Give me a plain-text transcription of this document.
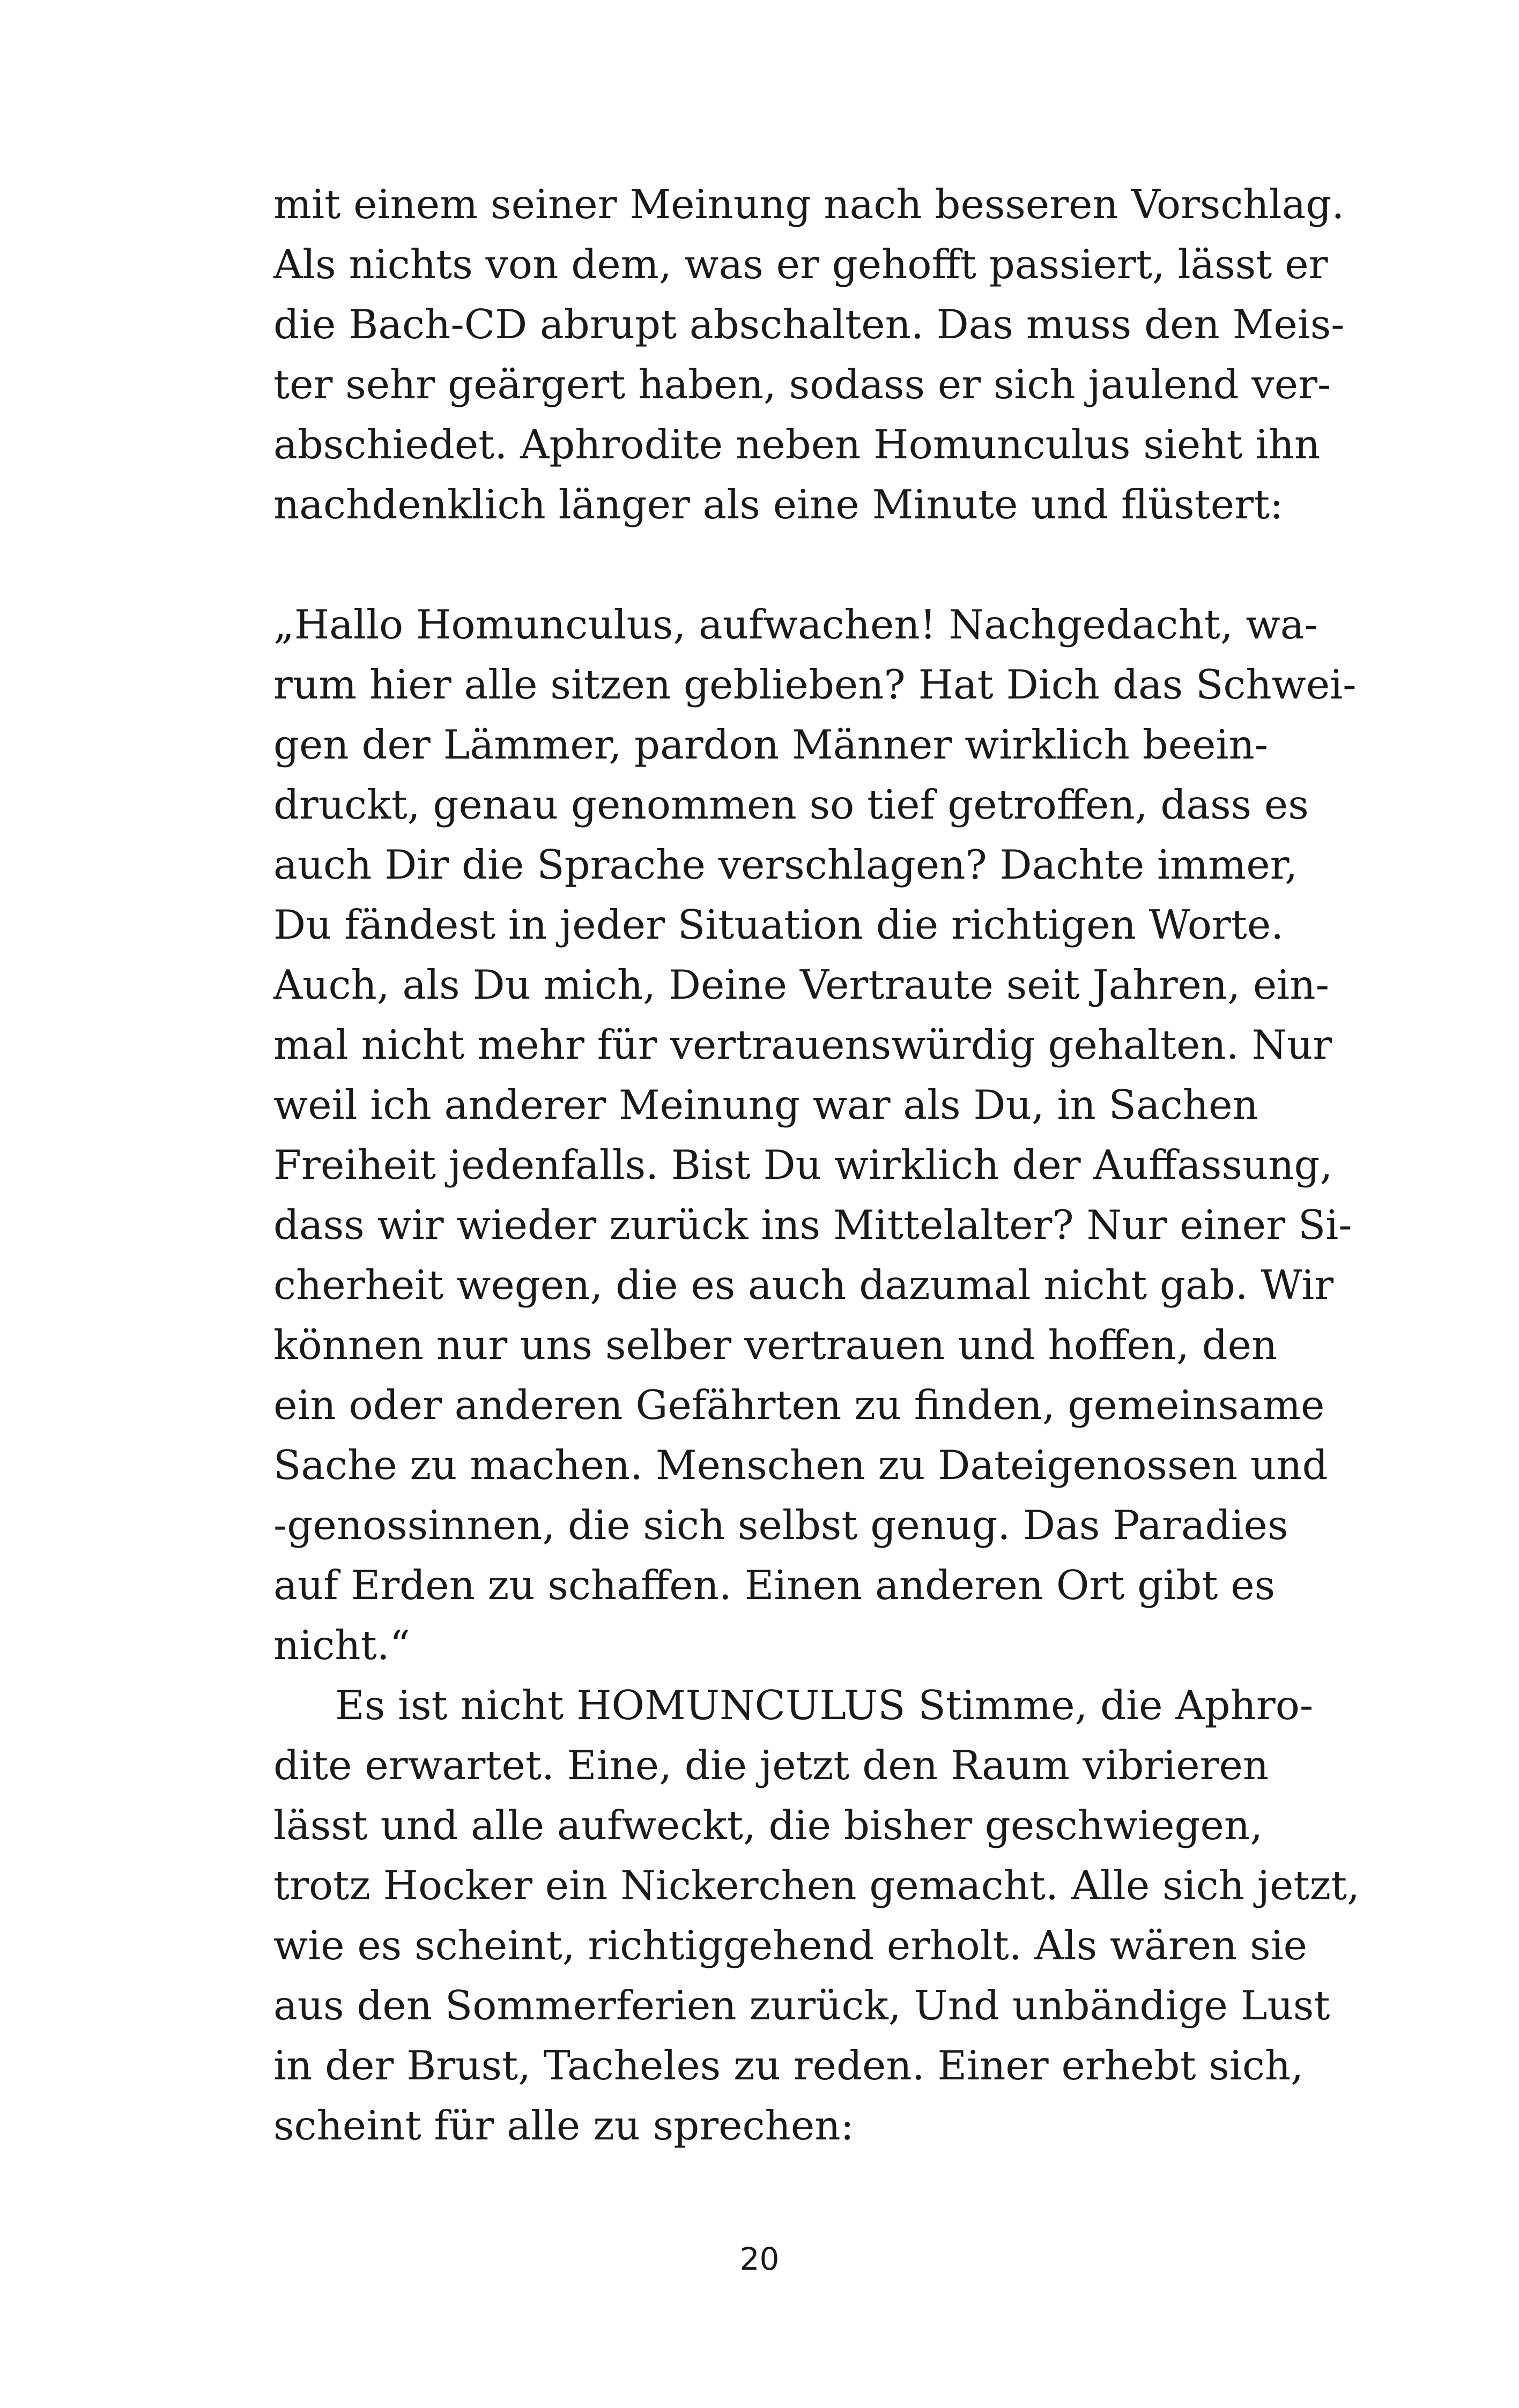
mit einem seiner Meinung nach besseren Vorschlag.
Als nichts von dem, was er gehofft passiert, lässt er
die Bach-CD abrupt abschalten. Das muss den Meis-
ter sehr geärgert haben, sodass er sich jaulend ver-
abschiedet. Aphrodite neben Homunculus sieht ihn
nachdenklich länger als eine Minute und flüstert:
„Hallo Homunculus, aufwachen! Nachgedacht, wa-
rum hier alle sitzen geblieben? Hat Dich das Schwei-
gen der Lämmer, pardon Männer wirklich beein-
druckt, genau genommen so tief getroffen, dass es
auch Dir die Sprache verschlagen? Dachte immer,
Du fändest in jeder Situation die richtigen Worte.
Auch, als Du mich, Deine Vertraute seit Jahren, ein-
mal nicht mehr für vertrauenswürdig gehalten. Nur
weil ich anderer Meinung war als Du, in Sachen
Freiheit jedenfalls. Bist Du wirklich der Auffassung,
dass wir wieder zurück ins Mittelalter? Nur einer Si-
cherheit wegen, die es auch dazumal nicht gab. Wir
können nur uns selber vertrauen und hoffen, den
ein oder anderen Gefährten zu finden, gemeinsame
Sache zu machen. Menschen zu Dateigenossen und
-genossinnen, die sich selbst genug. Das Paradies
auf Erden zu schaffen. Einen anderen Ort gibt es
nicht.“
Es ist nicht HOMUNCULUS Stimme, die Aphro-
dite erwartet. Eine, die jetzt den Raum vibrieren
lässt und alle aufweckt, die bisher geschwiegen,
trotz Hocker ein Nickerchen gemacht. Alle sich jetzt,
wie es scheint, richtiggehend erholt. Als wären sie
aus den Sommerferien zurück, Und unbändige Lust
in der Brust, Tacheles zu reden. Einer erhebt sich,
scheint für alle zu sprechen:
20
